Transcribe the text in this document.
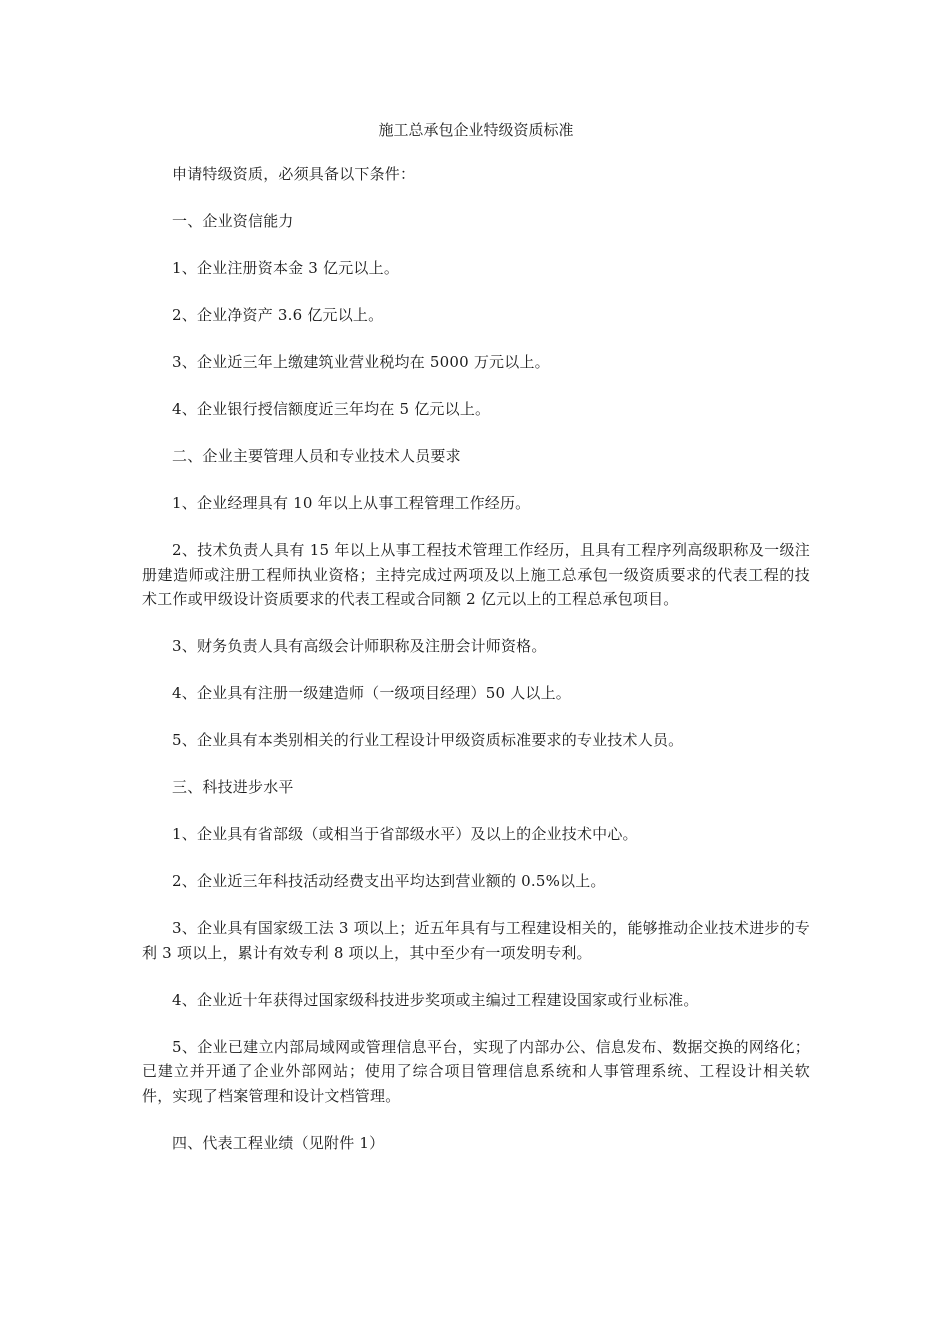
施工总承包企业特级资质标准

申请特级资质，必须具备以下条件：

一、企业资信能力

1、企业注册资本金 3 亿元以上。

2、企业净资产 3.6 亿元以上。

3、企业近三年上缴建筑业营业税均在 5000 万元以上。

4、企业银行授信额度近三年均在 5 亿元以上。

二、企业主要管理人员和专业技术人员要求

1、企业经理具有 10 年以上从事工程管理工作经历。

2、技术负责人具有 15 年以上从事工程技术管理工作经历，且具有工程序列高级职称及一级注册建造师或注册工程师执业资格；主持完成过两项及以上施工总承包一级资质要求的代表工程的技术工作或甲级设计资质要求的代表工程或合同额 2 亿元以上的工程总承包项目。

3、财务负责人具有高级会计师职称及注册会计师资格。

4、企业具有注册一级建造师（一级项目经理）50 人以上。

5、企业具有本类别相关的行业工程设计甲级资质标准要求的专业技术人员。

三、科技进步水平

1、企业具有省部级（或相当于省部级水平）及以上的企业技术中心。

2、企业近三年科技活动经费支出平均达到营业额的 0.5%以上。

3、企业具有国家级工法 3 项以上；近五年具有与工程建设相关的，能够推动企业技术进步的专利 3 项以上，累计有效专利 8 项以上，其中至少有一项发明专利。

4、企业近十年获得过国家级科技进步奖项或主编过工程建设国家或行业标准。

5、企业已建立内部局域网或管理信息平台，实现了内部办公、信息发布、数据交换的网络化；已建立并开通了企业外部网站；使用了综合项目管理信息系统和人事管理系统、工程设计相关软件，实现了档案管理和设计文档管理。

四、代表工程业绩（见附件 1）
